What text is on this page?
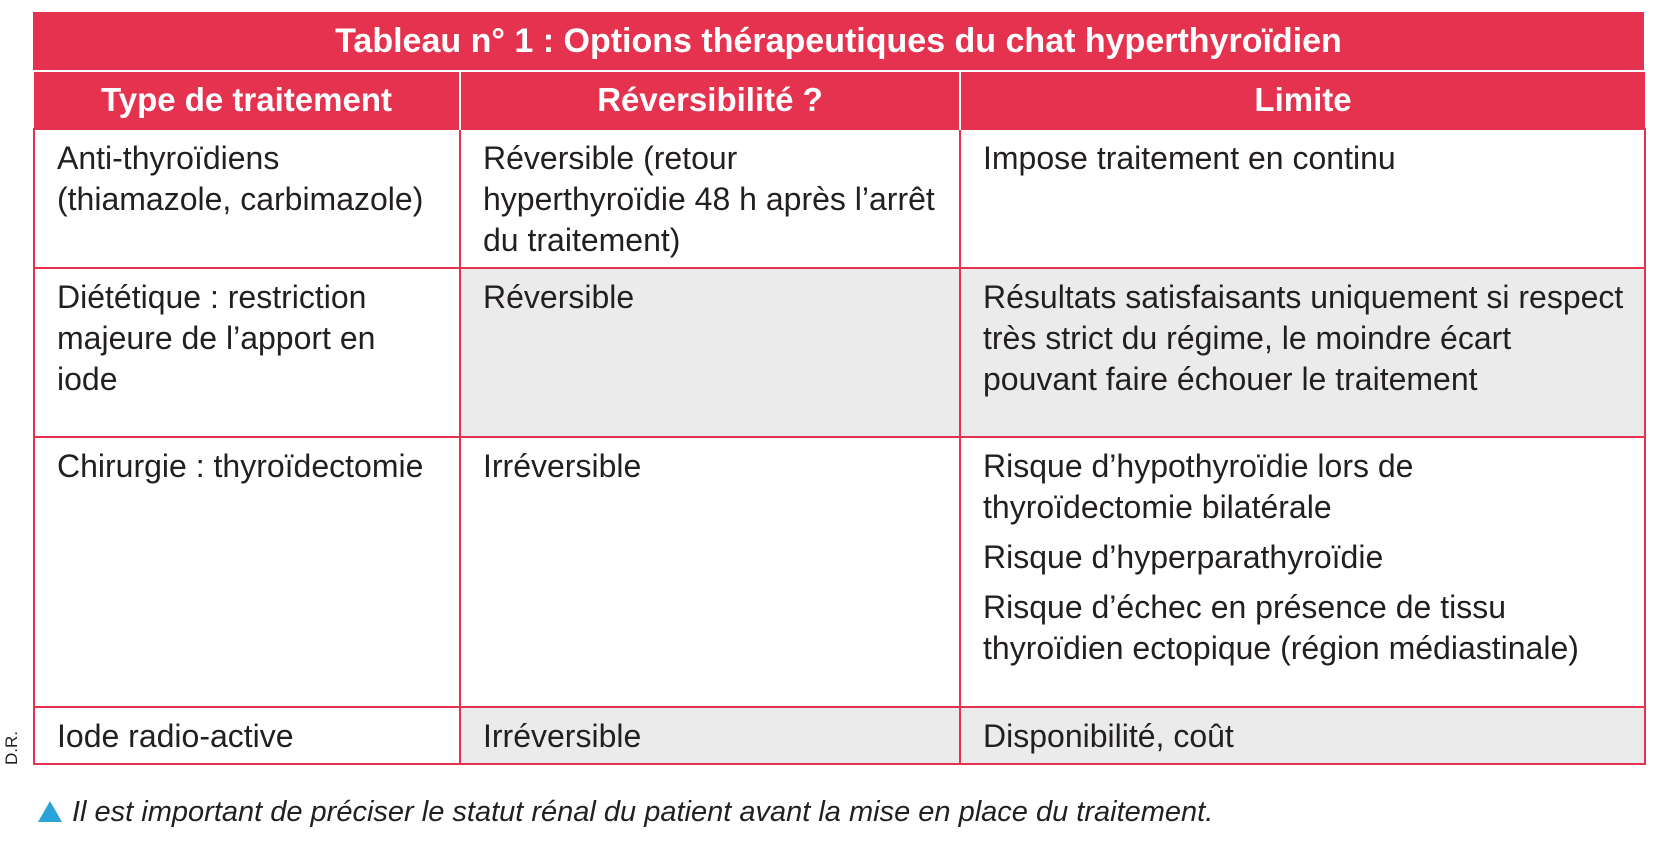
Tableau n° 1 : Options thérapeutiques du chat hyperthyroïdien
Type de traitement	Réversibilité ?	Limite
Anti-thyroïdiens (thiamazole, carbimazole)	Réversible (retour hyperthyroïdie 48 h après l’arrêt du traitement)	Impose traitement en continu

Diététique : restriction majeure de l’apport en iode	Réversible	Résultats satisfaisants uniquement si respect très strict du régime, le moindre écart pouvant faire échouer le traitement

Chirurgie : thyroïdectomie	Irréversible	Risque d’hypothyroïdie lors de thyroïdectomie bilatérale
Risque d’hyperparathyroïdie
Risque d’échec en présence de tissu thyroïdien ectopique (région médiastinale)

Iode radio-active	Irréversible	Disponibilité, coût
D.R.
Il est important de préciser le statut rénal du patient avant la mise en place du traitement.
